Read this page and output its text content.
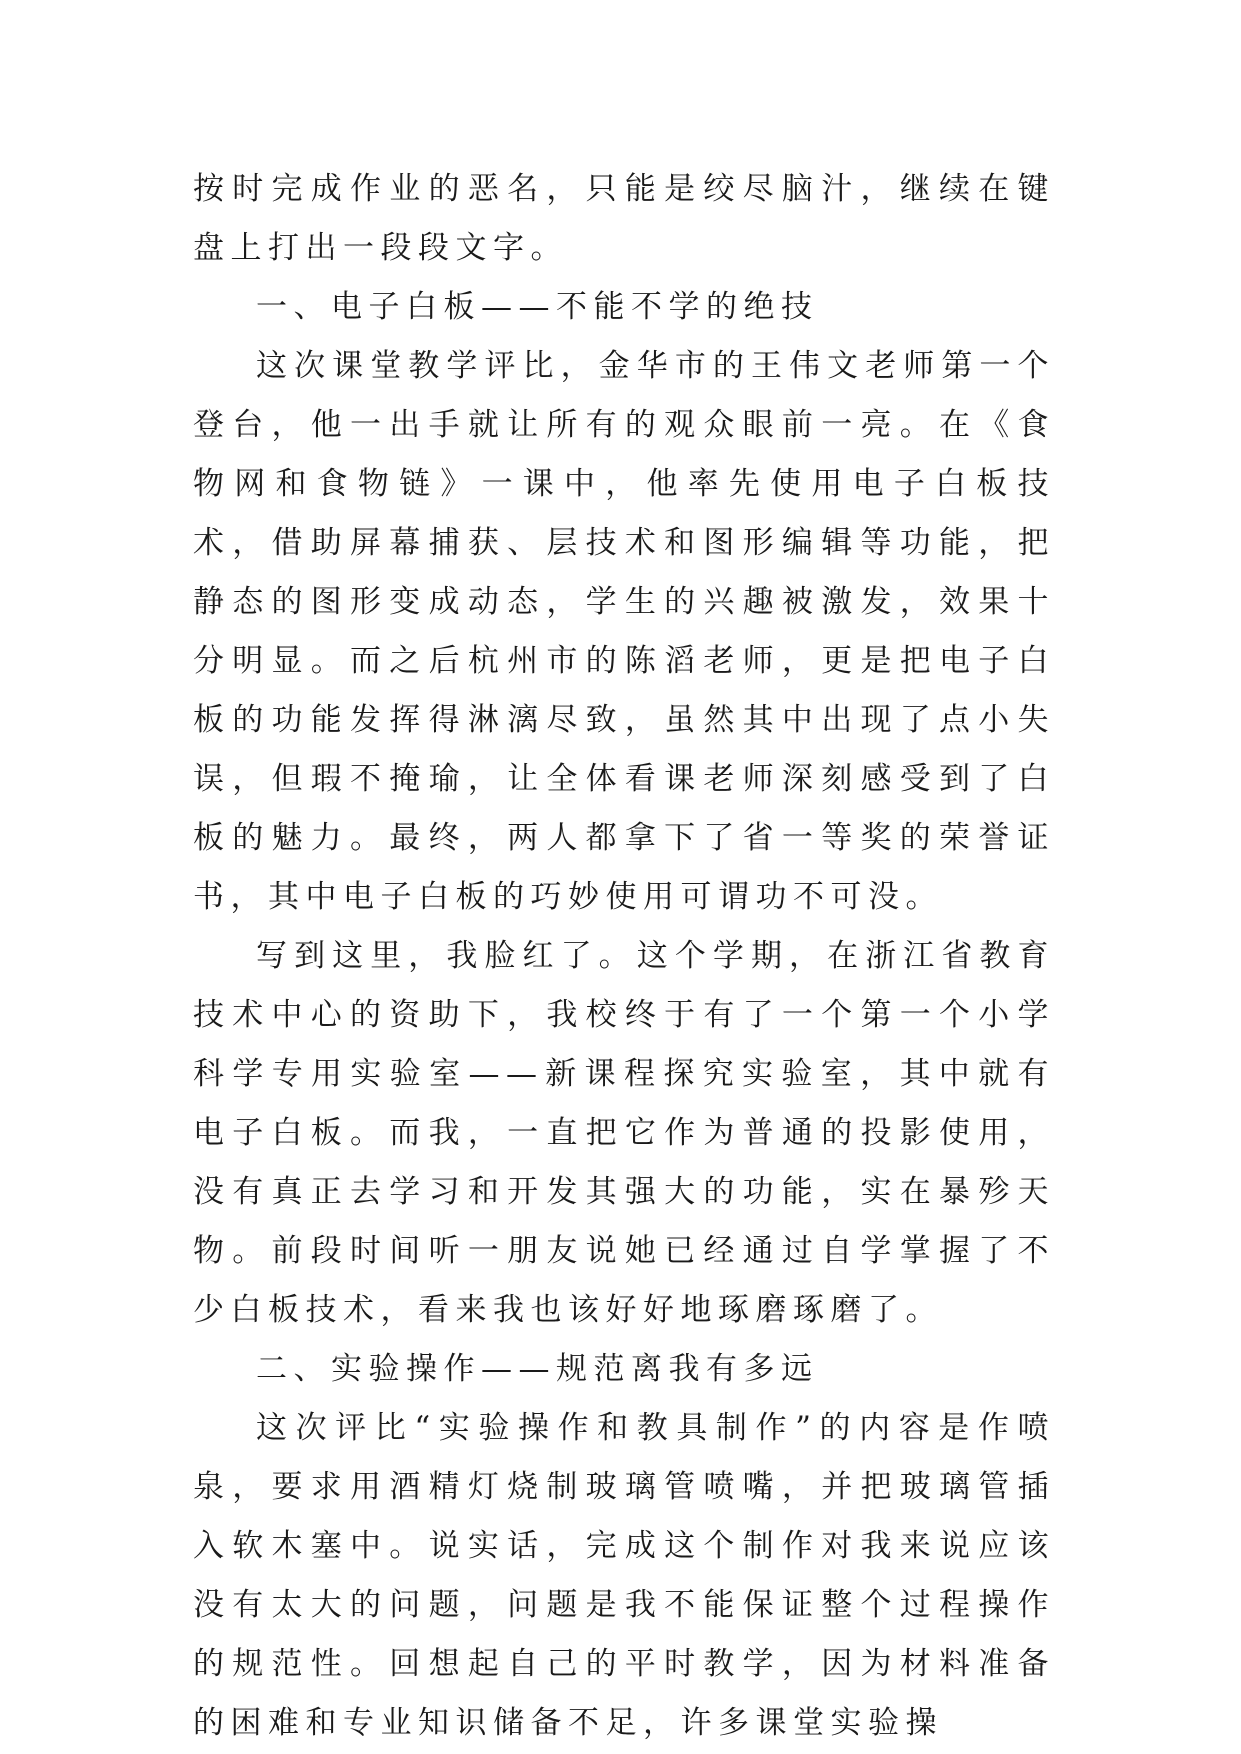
按时完成作业的恶名，只能是绞尽脑汁，继续在键盘上打出一段段文字。

一、电子白板——不能不学的绝技

这次课堂教学评比，金华市的王伟文老师第一个登台，他一出手就让所有的观众眼前一亮。在《食物网和食物链》一课中，他率先使用电子白板技术，借助屏幕捕获、层技术和图形编辑等功能，把静态的图形变成动态，学生的兴趣被激发，效果十分明显。而之后杭州市的陈滔老师，更是把电子白板的功能发挥得淋漓尽致，虽然其中出现了点小失误，但瑕不掩瑜，让全体看课老师深刻感受到了白板的魅力。最终，两人都拿下了省一等奖的荣誉证书，其中电子白板的巧妙使用可谓功不可没。

写到这里，我脸红了。这个学期，在浙江省教育技术中心的资助下，我校终于有了一个第一个小学科学专用实验室——新课程探究实验室，其中就有电子白板。而我，一直把它作为普通的投影使用，没有真正去学习和开发其强大的功能，实在暴殄天物。前段时间听一朋友说她已经通过自学掌握了不少白板技术，看来我也该好好地琢磨琢磨了。

二、实验操作——规范离我有多远

这次评比“实验操作和教具制作”的内容是作喷泉，要求用酒精灯烧制玻璃管喷嘴，并把玻璃管插入软木塞中。说实话，完成这个制作对我来说应该没有太大的问题，问题是我不能保证整个过程操作的规范性。回想起自己的平时教学，因为材料准备的困难和专业知识储备不足，许多课堂实验操
